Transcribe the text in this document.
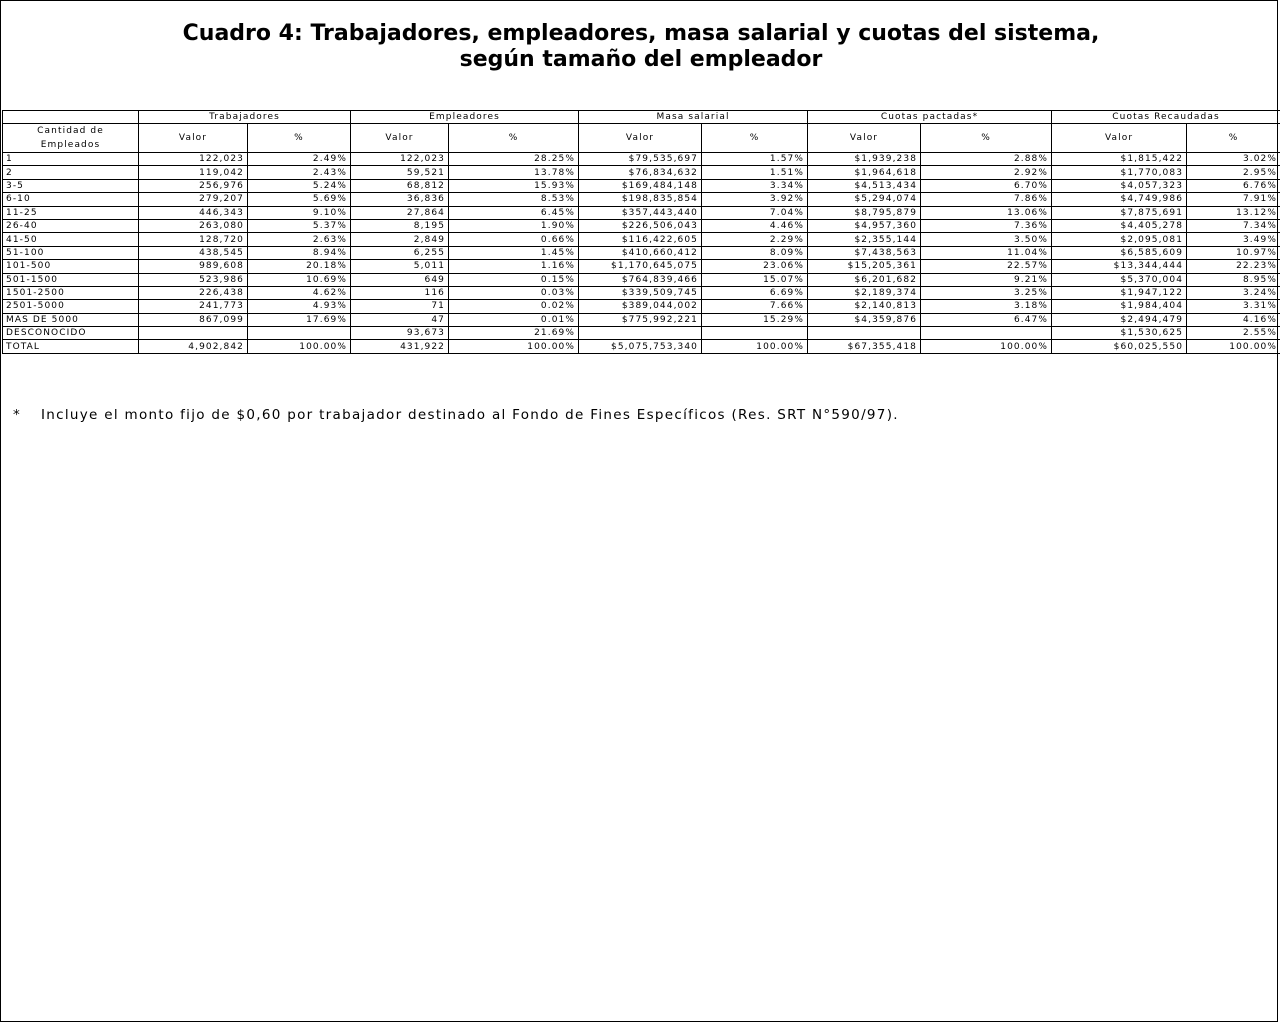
Cuadro 4: Trabajadores, empleadores, masa salarial y cuotas del sistema,
según tamaño del empleador
	Trabajadores		Empleadores		Masa salarial		Cuotas pactadas*		Cuotas Recaudadas	
Cantidad de Empleados	Valor	%	Valor	%	Valor	%	Valor	%	Valor	%
1	122,023	2.49%	122,023	28.25%	$79,535,697	1.57%	$1,939,238	2.88%	$1,815,422	3.02%
2	119,042	2.43%	59,521	13.78%	$76,834,632	1.51%	$1,964,618	2.92%	$1,770,083	2.95%
3-5	256,976	5.24%	68,812	15.93%	$169,484,148	3.34%	$4,513,434	6.70%	$4,057,323	6.76%
6-10	279,207	5.69%	36,836	8.53%	$198,835,854	3.92%	$5,294,074	7.86%	$4,749,986	7.91%
11-25	446,343	9.10%	27,864	6.45%	$357,443,440	7.04%	$8,795,879	13.06%	$7,875,691	13.12%
26-40	263,080	5.37%	8,195	1.90%	$226,506,043	4.46%	$4,957,360	7.36%	$4,405,278	7.34%
41-50	128,720	2.63%	2,849	0.66%	$116,422,605	2.29%	$2,355,144	3.50%	$2,095,081	3.49%
51-100	438,545	8.94%	6,255	1.45%	$410,660,412	8.09%	$7,438,563	11.04%	$6,585,609	10.97%
101-500	989,608	20.18%	5,011	1.16%	$1,170,645,075	23.06%	$15,205,361	22.57%	$13,344,444	22.23%
501-1500	523,986	10.69%	649	0.15%	$764,839,466	15.07%	$6,201,682	9.21%	$5,370,004	8.95%
1501-2500	226,438	4.62%	116	0.03%	$339,509,745	6.69%	$2,189,374	3.25%	$1,947,122	3.24%
2501-5000	241,773	4.93%	71	0.02%	$389,044,002	7.66%	$2,140,813	3.18%	$1,984,404	3.31%
MAS DE 5000	867,099	17.69%	47	0.01%	$775,992,221	15.29%	$4,359,876	6.47%	$2,494,479	4.16%
DESCONOCIDO			93,673	21.69%					$1,530,625	2.55%
TOTAL	4,902,842	100.00%	431,922	100.00%	$5,075,753,340	100.00%	$67,355,418	100.00%	$60,025,550	100.00%
* Incluye el monto fijo de $0,60 por trabajador destinado al Fondo de Fines Específicos (Res. SRT N°590/97).
